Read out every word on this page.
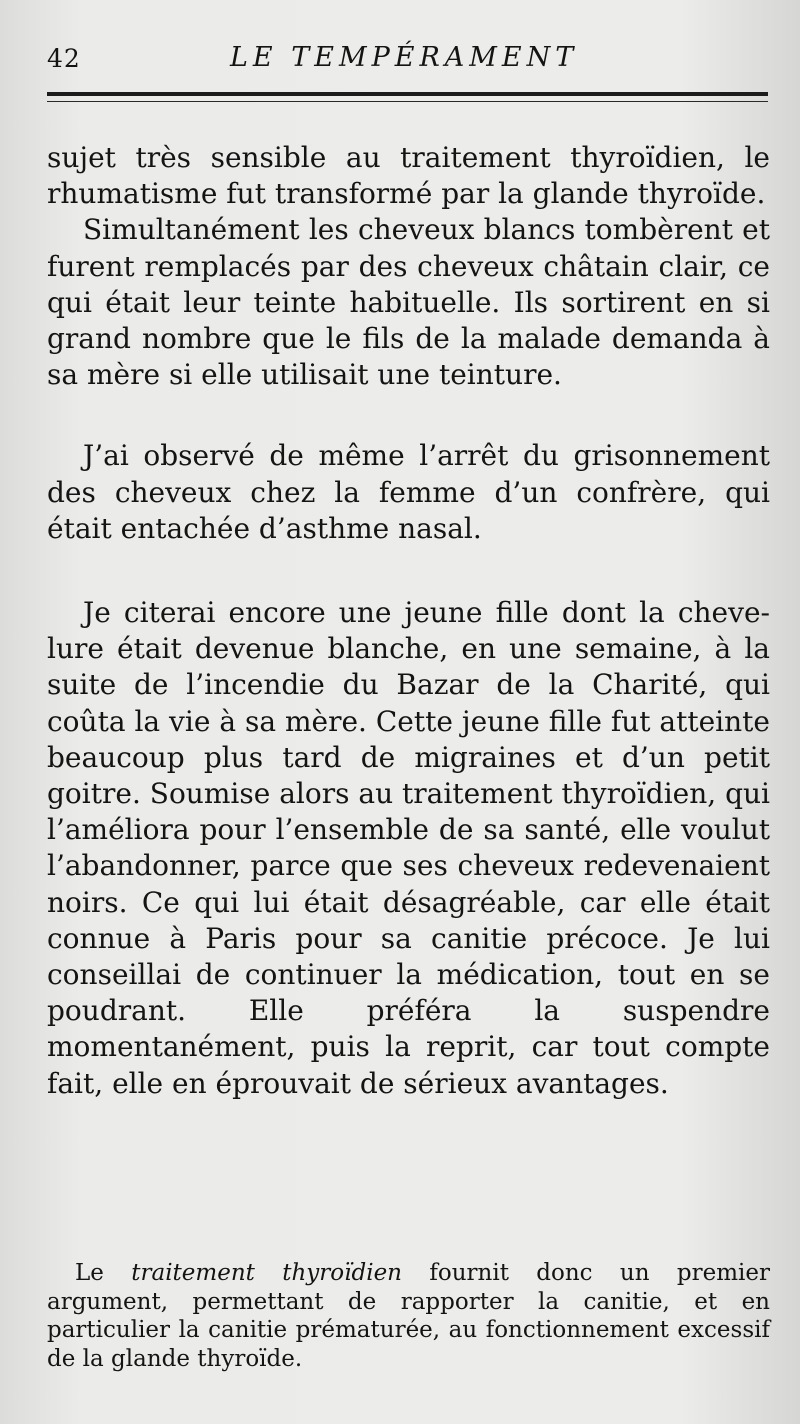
42	LE TEMPÉRAMENT

sujet très sensible au traitement thyroïdien, le rhumatisme fut transformé par la glande thyroïde.

Simultanément les cheveux blancs tombèrent et furent remplacés par des cheveux châtain clair, ce qui était leur teinte habituelle. Ils sortirent en si grand nombre que le fils de la malade demanda à sa mère si elle utilisait une teinture.

J’ai observé de même l’arrêt du grisonnement des cheveux chez la femme d’un confrère, qui était entachée d’asthme nasal.

Je citerai encore une jeune fille dont la chevelure était devenue blanche, en une semaine, à la suite de l’incendie du Bazar de la Charité, qui coûta la vie à sa mère. Cette jeune fille fut atteinte beaucoup plus tard de migraines et d’un petit goitre. Soumise alors au traitement thyroïdien, qui l’améliora pour l’ensemble de sa santé, elle voulut l’abandonner, parce que ses cheveux redevenaient noirs. Ce qui lui était désagréable, car elle était connue à Paris pour sa canitie précoce. Je lui conseillai de continuer la médication, tout en se poudrant. Elle préféra la suspendre momentanément, puis la reprit, car tout compte fait, elle en éprouvait de sérieux avantages.

Le traitement thyroïdien fournit donc un premier argument, permettant de rapporter la canitie, et en particulier la canitie prématurée, au fonctionnement excessif de la glande thyroïde.
